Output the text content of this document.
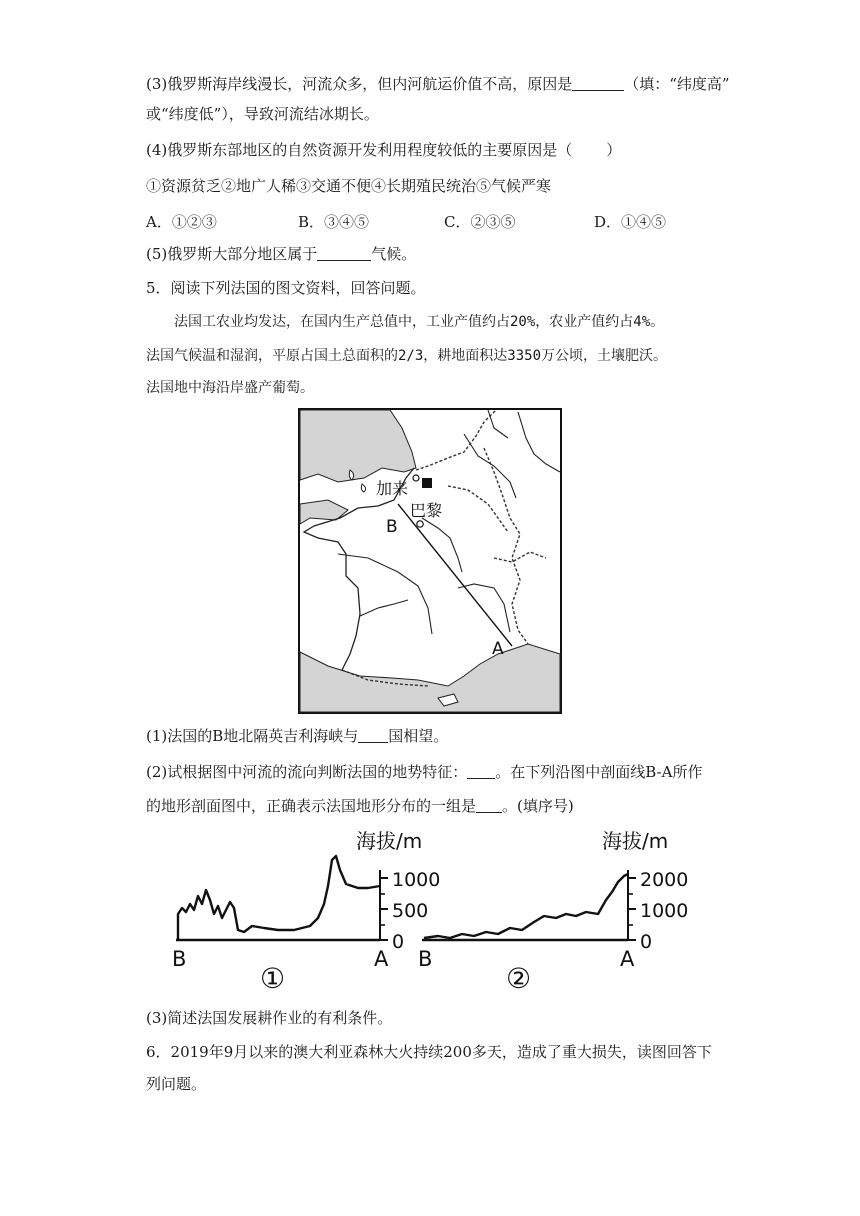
(3)俄罗斯海岸线漫长，河流众多，但内河航运价值不高，原因是	（填：“纬度高”
或“纬度低”），导致河流结冰期长。
(4)俄罗斯东部地区的自然资源开发利用程度较低的主要原因是（ ）
①资源贫乏②地广人稀③交通不便④长期殖民统治⑤气候严寒
A．①②③	B．③④⑤	C．②③⑤	D．①④⑤
(5)俄罗斯大部分地区属于	气候。
5．阅读下列法国的图文资料，回答问题。
法国工农业均发达，在国内生产总值中，工业产值约占20%，农业产值约占4%。
法国气候温和湿润，平原占国土总面积的2/3，耕地面积达3350万公顷，土壤肥沃。
法国地中海沿岸盛产葡萄。
加来
巴黎
B
A
(1)法国的B地北隔英吉利海峡与 国相望。
(2)试根据图中河流的流向判断法国的地势特征： 。在下列沿图中剖面线B-A所作
的地形剖面图中，正确表示法国地形分布的一组是 。(填序号)
海拔/m
1000
500
0
B	A
①
海拔/m
2000
1000
0
B	A
②
(3)简述法国发展耕作业的有利条件。
6．2019年9月以来的澳大利亚森林大火持续200多天，造成了重大损失，读图回答下
列问题。
